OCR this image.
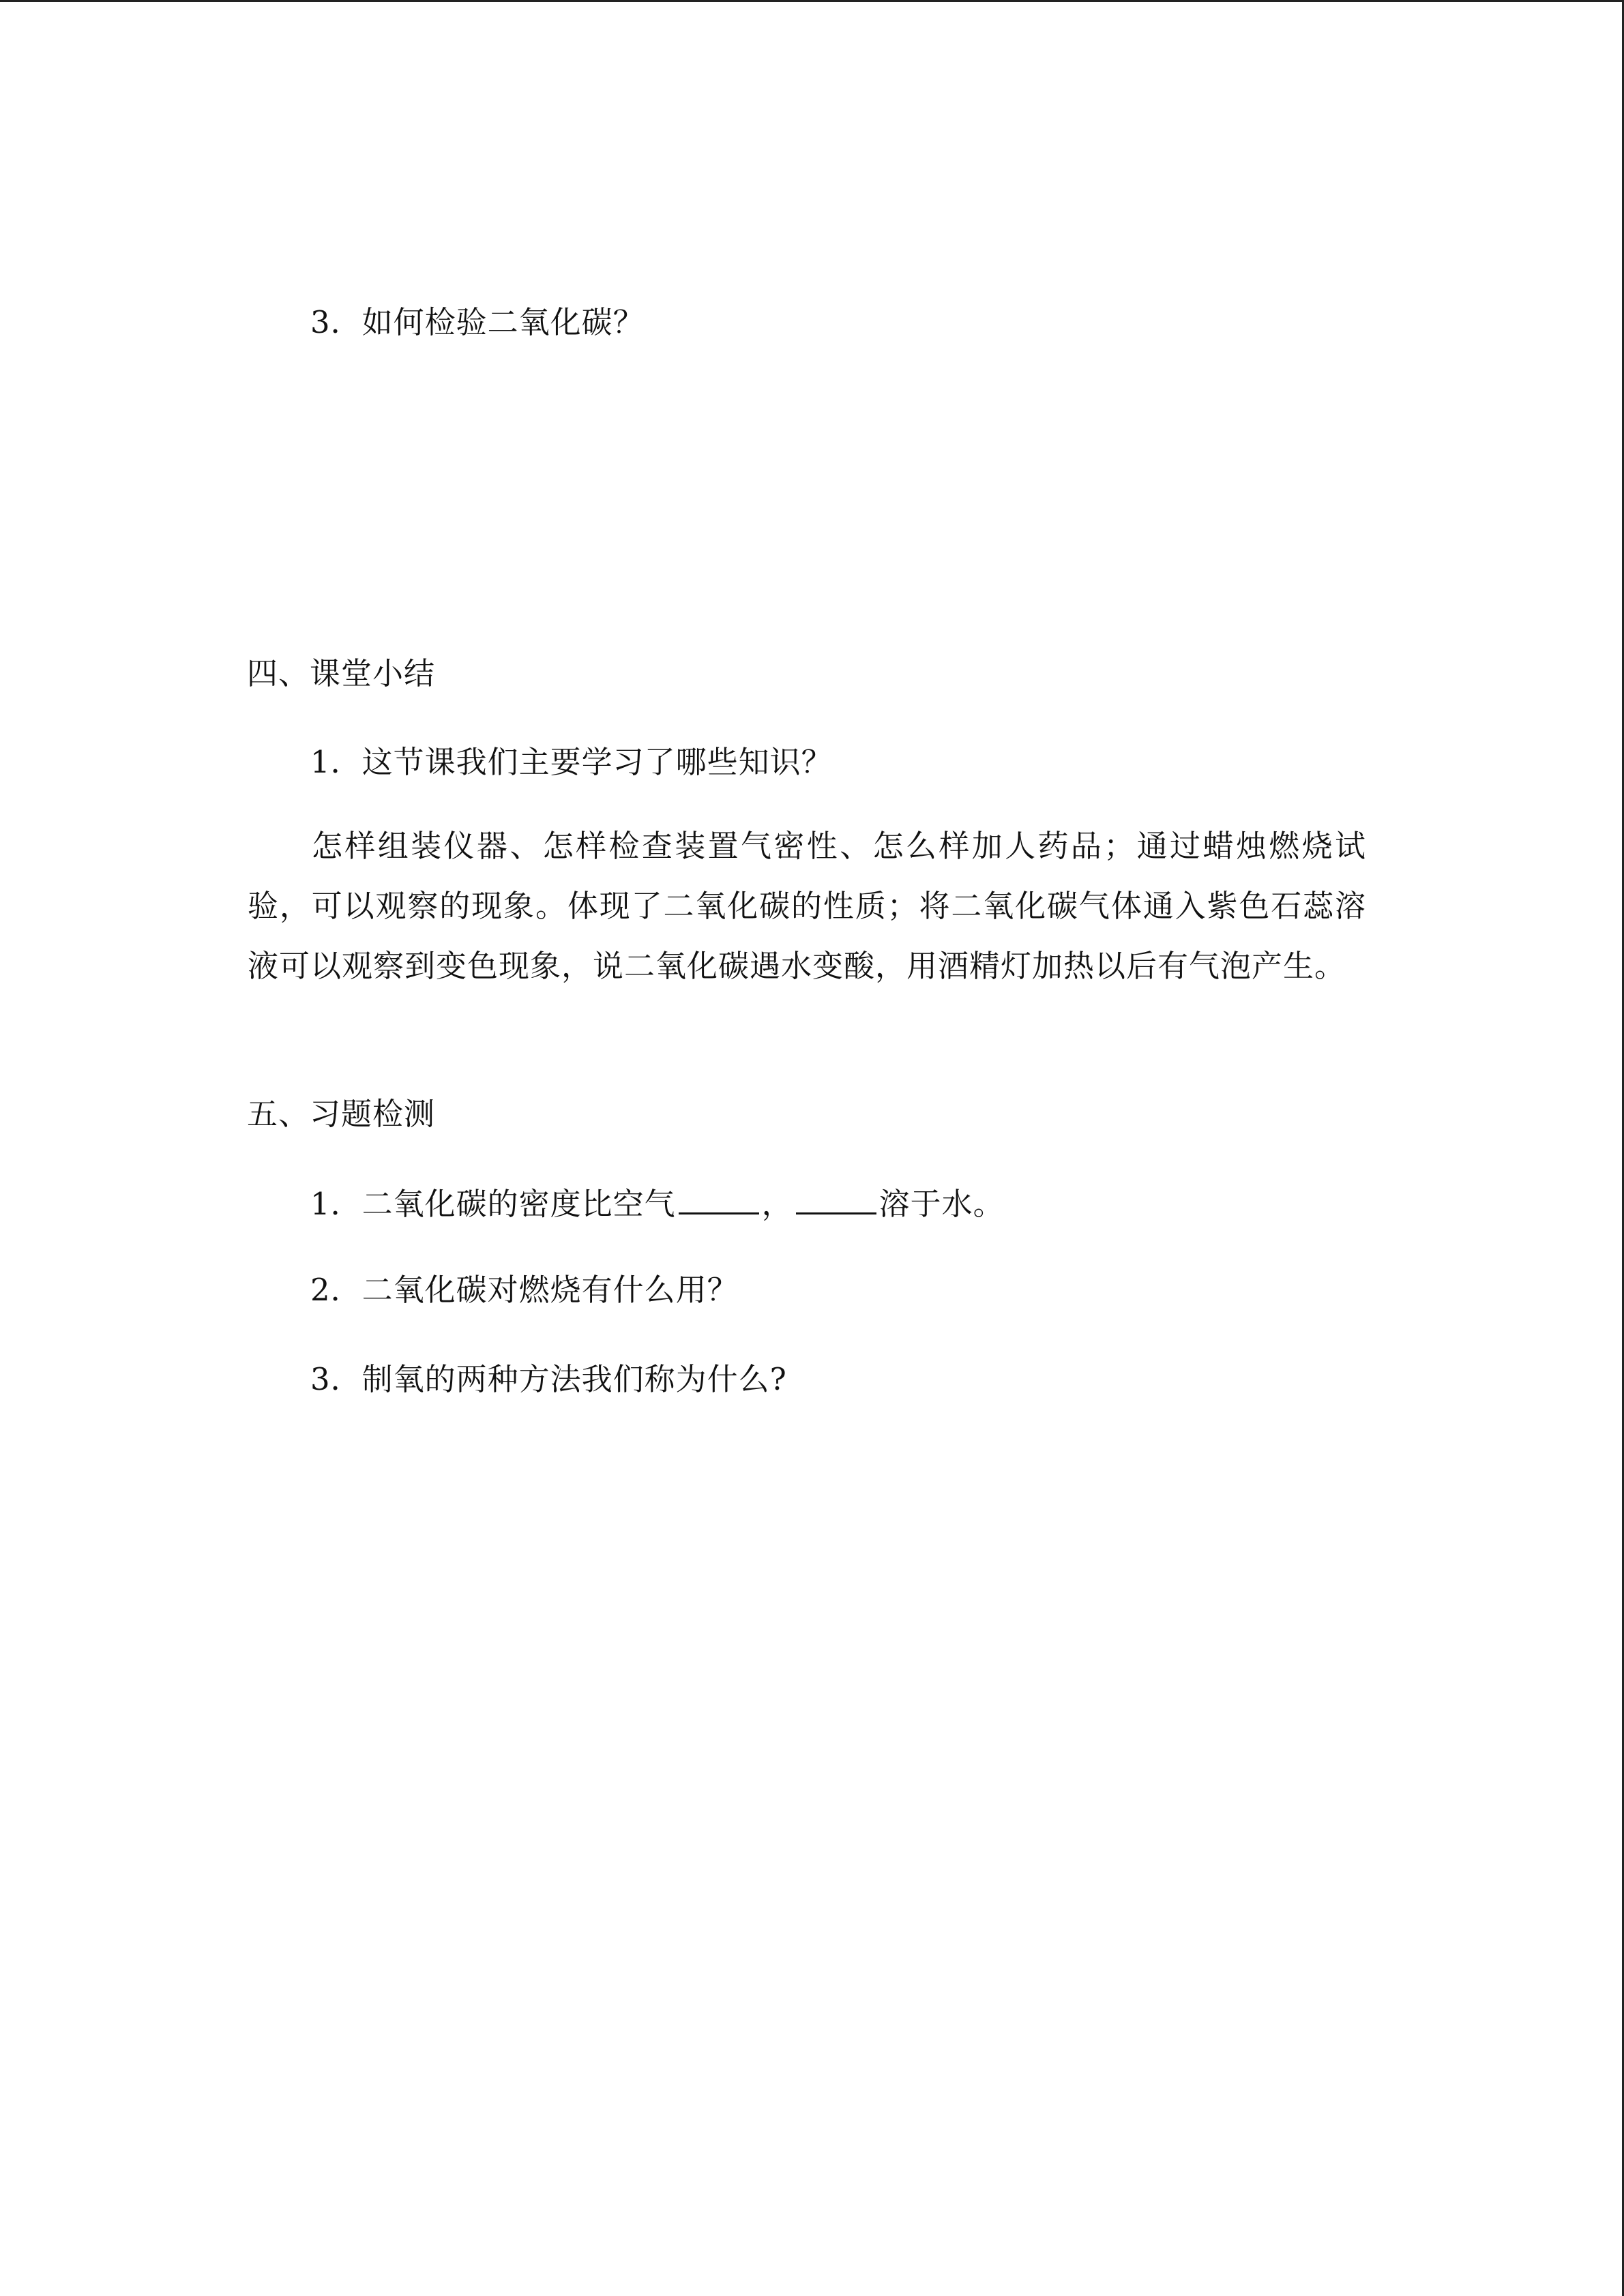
3．如何检验二氧化碳？
四、课堂小结
1．这节课我们主要学习了哪些知识？
怎样组装仪器、怎样检查装置气密性、怎么样加人药品；通过蜡烛燃烧试验，可以观察的现象。体现了二氧化碳的性质；将二氧化碳气体通入紫色石蕊溶液可以观察到变色现象，说二氧化碳遇水变酸，用酒精灯加热以后有气泡产生。
五、习题检测
1．二氧化碳的密度比空气	，	溶于水。
2．二氧化碳对燃烧有什么用？
3．制氧的两种方法我们称为什么?
